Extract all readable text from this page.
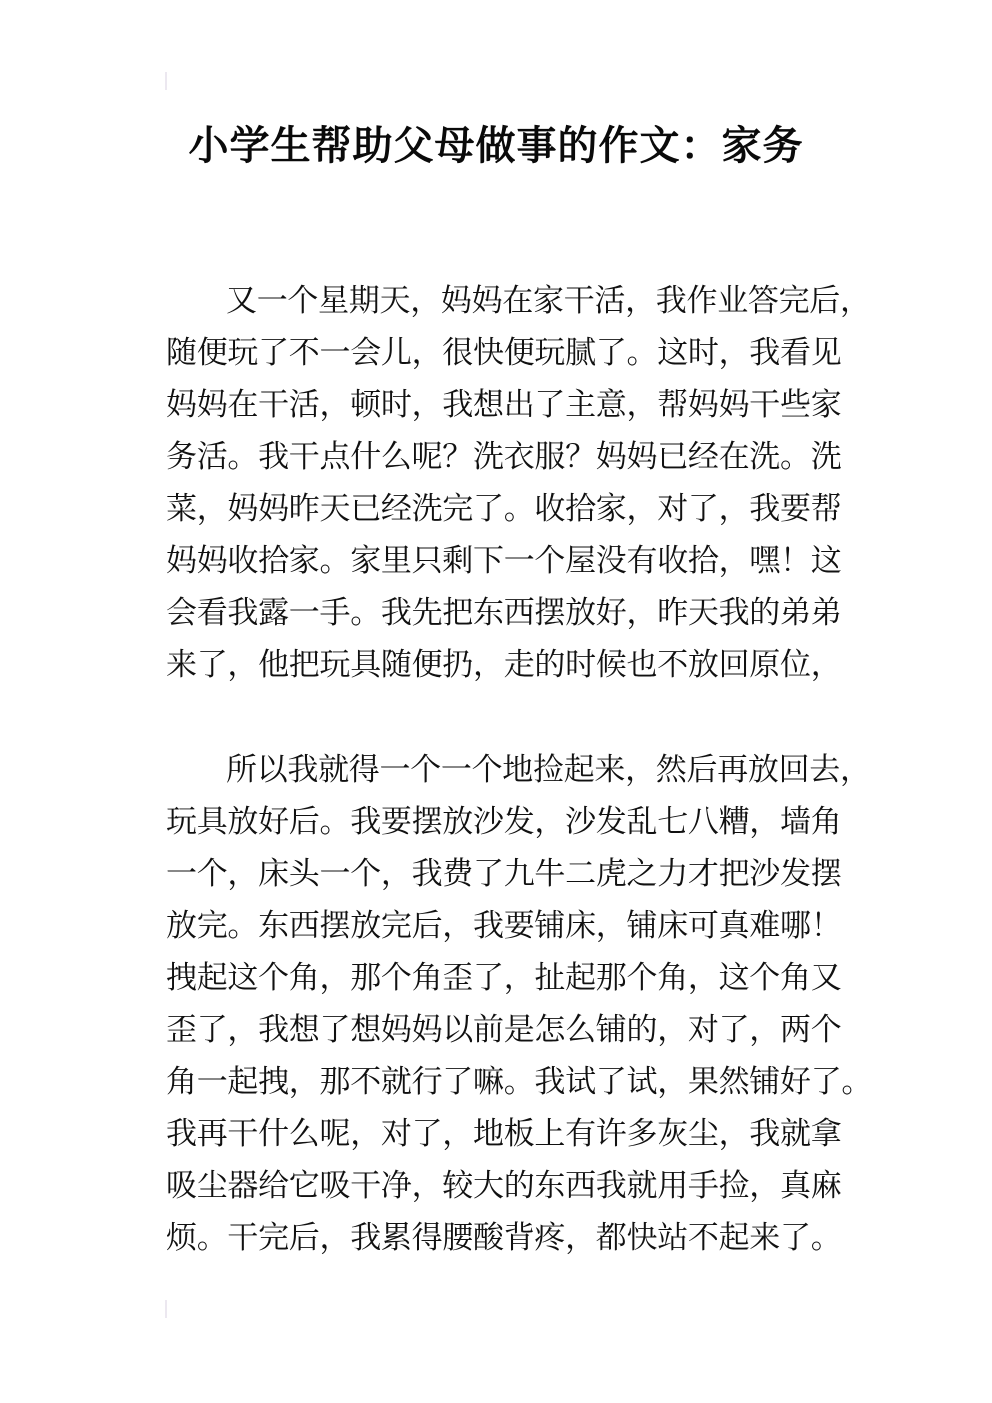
小学生帮助父母做事的作文：家务
又一个星期天，妈妈在家干活，我作业答完后，
随便玩了不一会儿，很快便玩腻了。这时，我看见
妈妈在干活，顿时，我想出了主意，帮妈妈干些家
务活。我干点什么呢？洗衣服？妈妈已经在洗。洗
菜，妈妈昨天已经洗完了。收拾家，对了，我要帮
妈妈收拾家。家里只剩下一个屋没有收拾，嘿！这
会看我露一手。我先把东西摆放好，昨天我的弟弟
来了，他把玩具随便扔，走的时候也不放回原位，
所以我就得一个一个地捡起来，然后再放回去，
玩具放好后。我要摆放沙发，沙发乱七八糟，墙角
一个，床头一个，我费了九牛二虎之力才把沙发摆
放完。东西摆放完后，我要铺床，铺床可真难哪！
拽起这个角，那个角歪了，扯起那个角，这个角又
歪了，我想了想妈妈以前是怎么铺的，对了，两个
角一起拽，那不就行了嘛。我试了试，果然铺好了。
我再干什么呢，对了，地板上有许多灰尘，我就拿
吸尘器给它吸干净，较大的东西我就用手捡，真麻
烦。干完后，我累得腰酸背疼，都快站不起来了。
